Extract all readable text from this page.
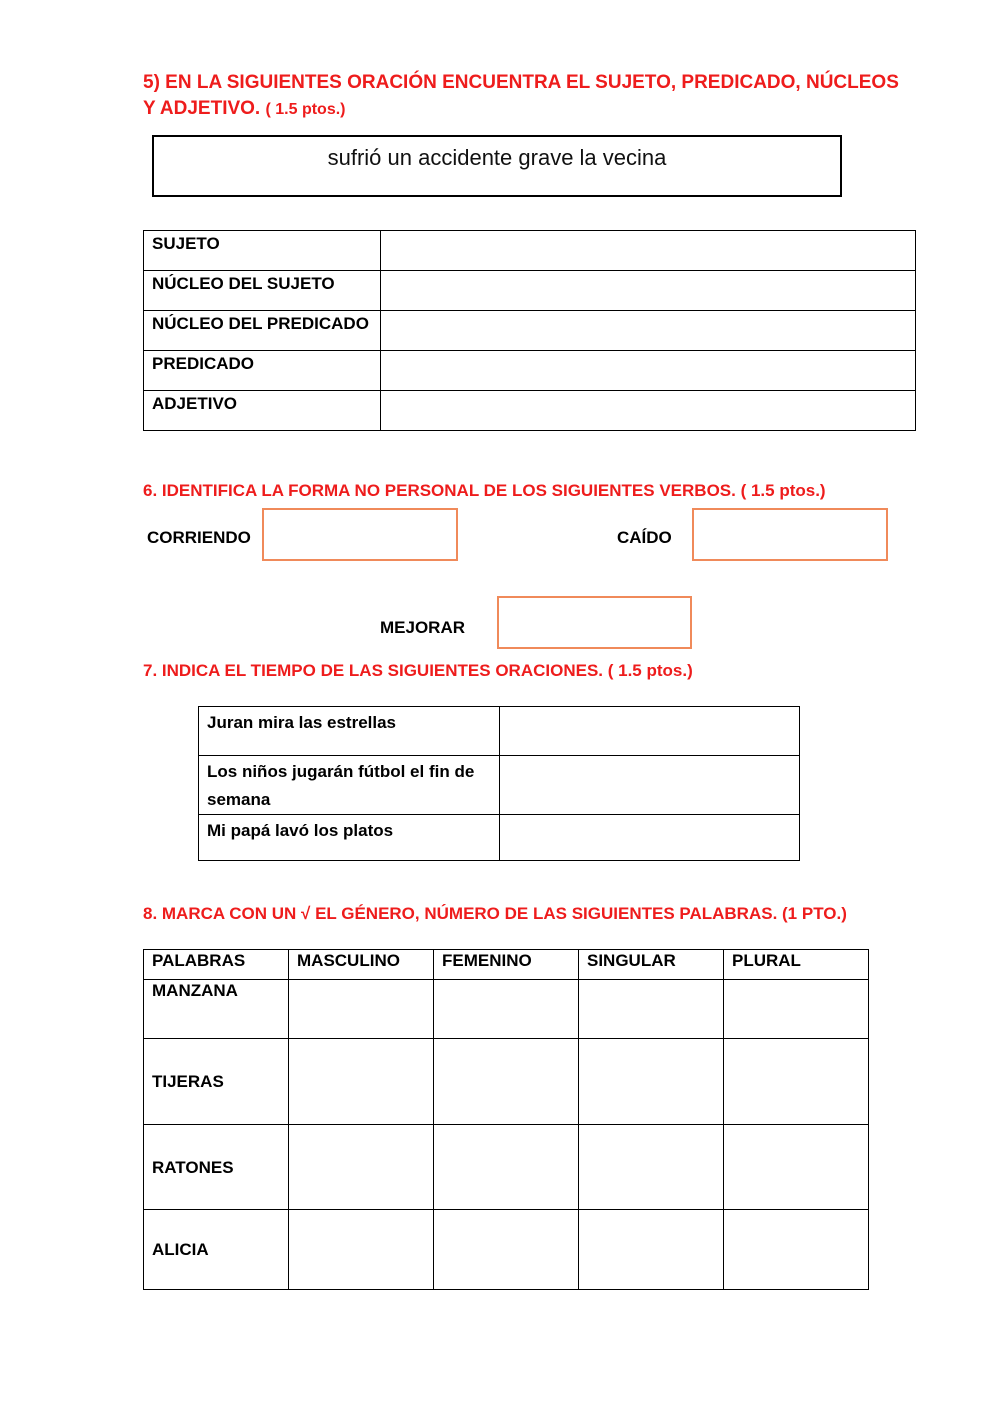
5) EN LA SIGUIENTES ORACIÓN ENCUENTRA EL SUJETO, PREDICADO, NÚCLEOS Y ADJETIVO. ( 1.5 ptos.)
sufrió un accidente grave la vecina
SUJETO	
NÚCLEO DEL SUJETO	
NÚCLEO DEL PREDICADO	
PREDICADO	
ADJETIVO	
6. IDENTIFICA LA FORMA NO PERSONAL DE LOS SIGUIENTES VERBOS. ( 1.5 ptos.)
CORRIENDO	CAÍDO
MEJORAR
7. INDICA EL TIEMPO DE LAS SIGUIENTES ORACIONES. ( 1.5 ptos.)
Juran mira las estrellas	
Los niños jugarán fútbol el fin de semana	
Mi papá lavó los platos	
8. MARCA CON UN √ EL GÉNERO, NÚMERO DE LAS SIGUIENTES PALABRAS. (1 PTO.)
PALABRAS	MASCULINO	FEMENINO	SINGULAR	PLURAL
MANZANA				
TIJERAS				
RATONES				
ALICIA				
